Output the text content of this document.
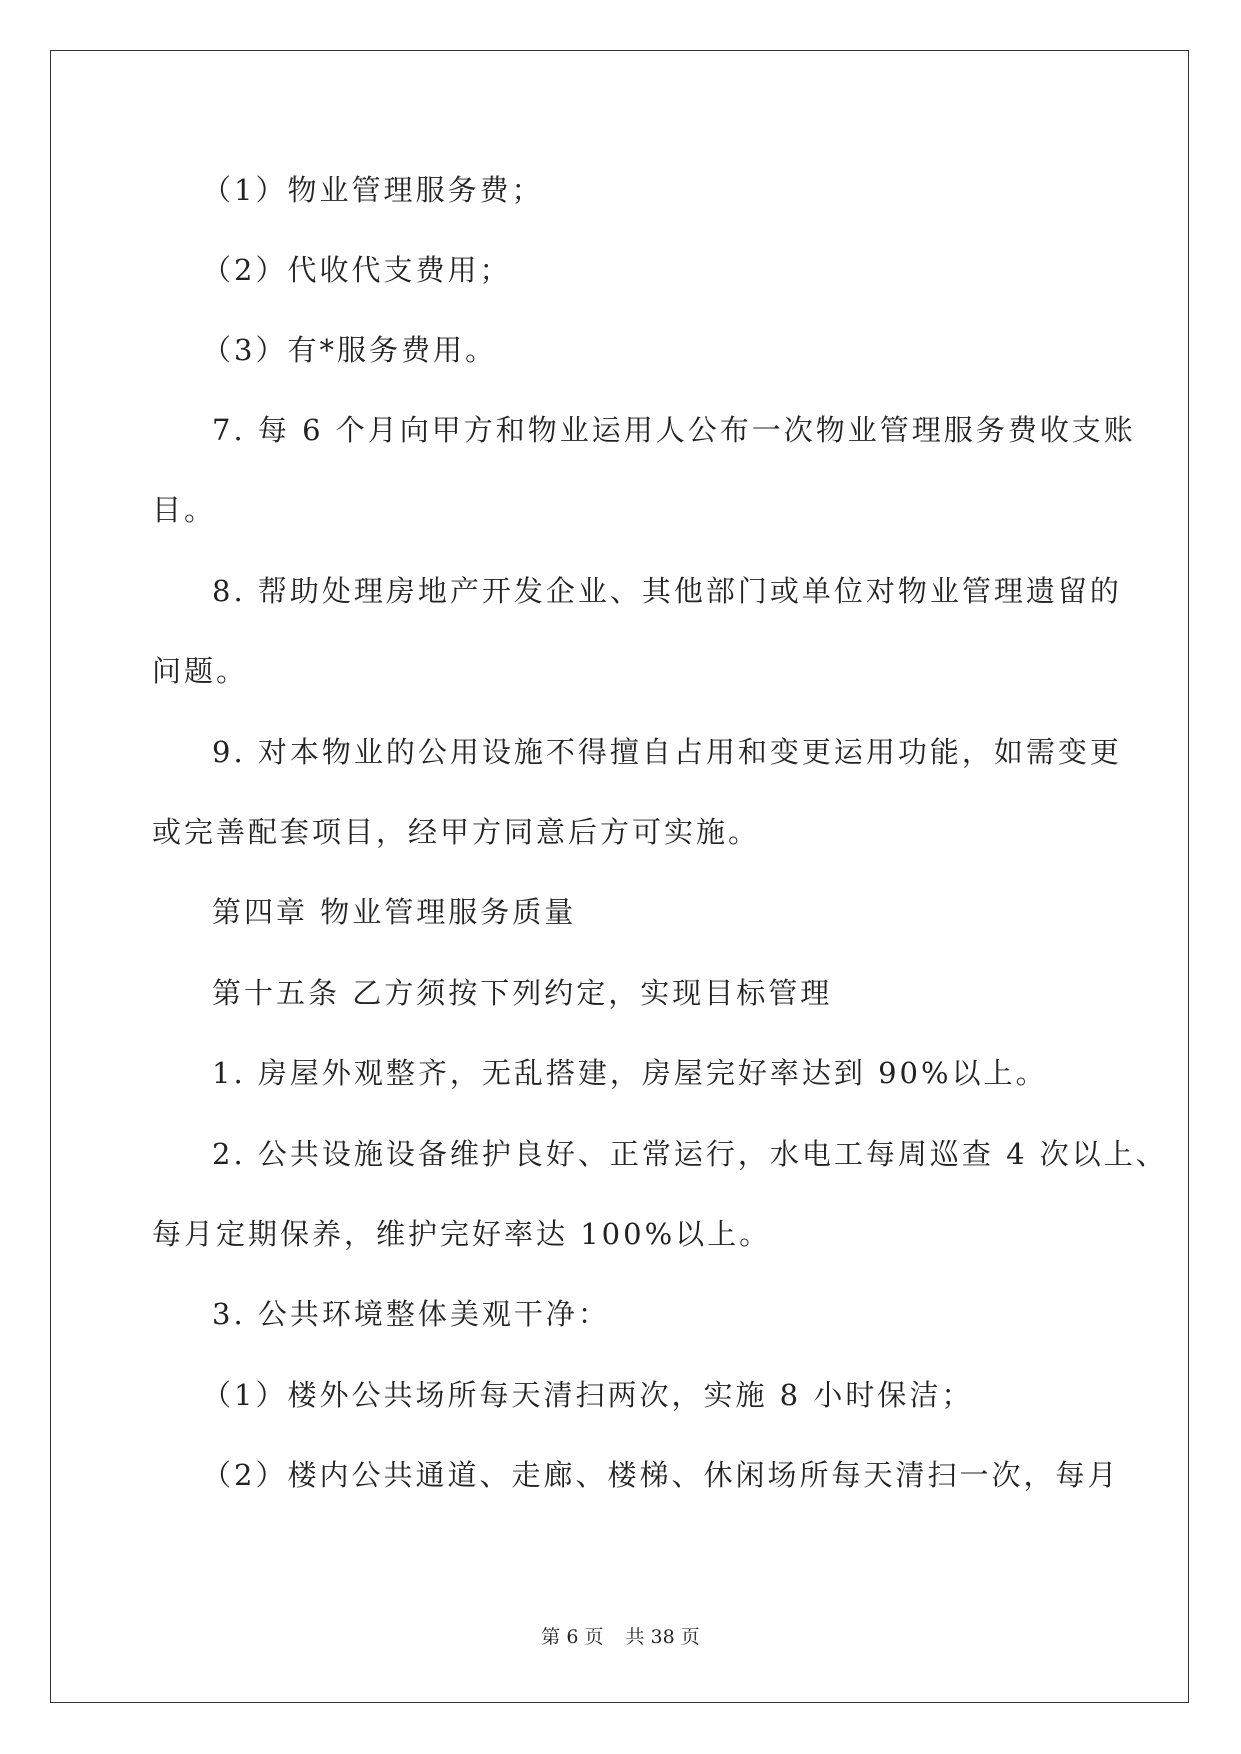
（1）物业管理服务费；
（2）代收代支费用；
（3）有*服务费用。
7. 每 6 个月向甲方和物业运用人公布一次物业管理服务费收支账
目。
8. 帮助处理房地产开发企业、其他部门或单位对物业管理遗留的
问题。
9. 对本物业的公用设施不得擅自占用和变更运用功能，如需变更
或完善配套项目，经甲方同意后方可实施。
第四章 物业管理服务质量
第十五条 乙方须按下列约定，实现目标管理
1. 房屋外观整齐，无乱搭建，房屋完好率达到 90%以上。
2. 公共设施设备维护良好、正常运行，水电工每周巡查 4 次以上、
每月定期保养，维护完好率达 100%以上。
3. 公共环境整体美观干净：
（1）楼外公共场所每天清扫两次，实施 8 小时保洁；
（2）楼内公共通道、走廊、楼梯、休闲场所每天清扫一次，每月
第 6 页 共 38 页
